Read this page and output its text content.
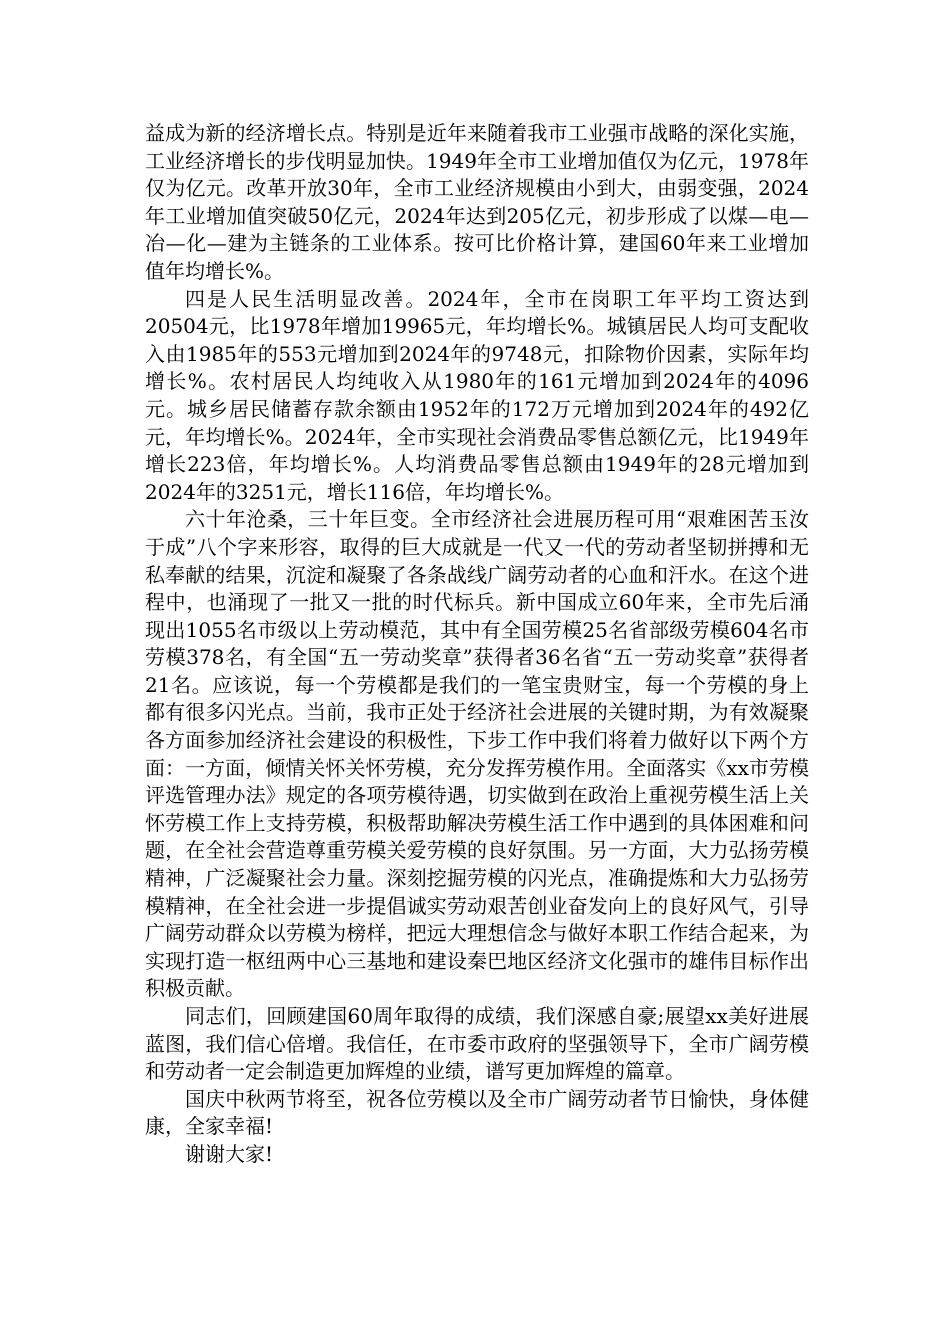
益成为新的经济增长点。特别是近年来随着我市工业强市战略的深化实施，工业经济增长的步伐明显加快。1949年全市工业增加值仅为亿元，1978年仅为亿元。改革开放30年，全市工业经济规模由小到大，由弱变强，2024年工业增加值突破50亿元，2024年达到205亿元，初步形成了以煤—电—冶—化—建为主链条的工业体系。按可比价格计算，建国60年来工业增加值年均增长%。

四是人民生活明显改善。2024年，全市在岗职工年平均工资达到20504元，比1978年增加19965元，年均增长%。城镇居民人均可支配收入由1985年的553元增加到2024年的9748元，扣除物价因素，实际年均增长%。农村居民人均纯收入从1980年的161元增加到2024年的4096元。城乡居民储蓄存款余额由1952年的172万元增加到2024年的492亿元，年均增长%。2024年，全市实现社会消费品零售总额亿元，比1949年增长223倍，年均增长%。人均消费品零售总额由1949年的28元增加到2024年的3251元，增长116倍，年均增长%。

六十年沧桑，三十年巨变。全市经济社会进展历程可用“艰难困苦玉汝于成”八个字来形容，取得的巨大成就是一代又一代的劳动者坚韧拼搏和无私奉献的结果，沉淀和凝聚了各条战线广阔劳动者的心血和汗水。在这个进程中，也涌现了一批又一批的时代标兵。新中国成立60年来，全市先后涌现出1055名市级以上劳动模范，其中有全国劳模25名省部级劳模604名市劳模378名，有全国“五一劳动奖章”获得者36名省“五一劳动奖章”获得者21名。应该说，每一个劳模都是我们的一笔宝贵财宝，每一个劳模的身上都有很多闪光点。当前，我市正处于经济社会进展的关键时期，为有效凝聚各方面参加经济社会建设的积极性，下步工作中我们将着力做好以下两个方面：一方面，倾情关怀关怀劳模，充分发挥劳模作用。全面落实《xx市劳模评选管理办法》规定的各项劳模待遇，切实做到在政治上重视劳模生活上关怀劳模工作上支持劳模，积极帮助解决劳模生活工作中遇到的具体困难和问题，在全社会营造尊重劳模关爱劳模的良好氛围。另一方面，大力弘扬劳模精神，广泛凝聚社会力量。深刻挖掘劳模的闪光点，准确提炼和大力弘扬劳模精神，在全社会进一步提倡诚实劳动艰苦创业奋发向上的良好风气，引导广阔劳动群众以劳模为榜样，把远大理想信念与做好本职工作结合起来，为实现打造一枢纽两中心三基地和建设秦巴地区经济文化强市的雄伟目标作出积极贡献。

同志们，回顾建国60周年取得的成绩，我们深感自豪;展望xx美好进展蓝图，我们信心倍增。我信任，在市委市政府的坚强领导下，全市广阔劳模和劳动者一定会制造更加辉煌的业绩，谱写更加辉煌的篇章。

国庆中秋两节将至，祝各位劳模以及全市广阔劳动者节日愉快，身体健康，全家幸福!

谢谢大家!
